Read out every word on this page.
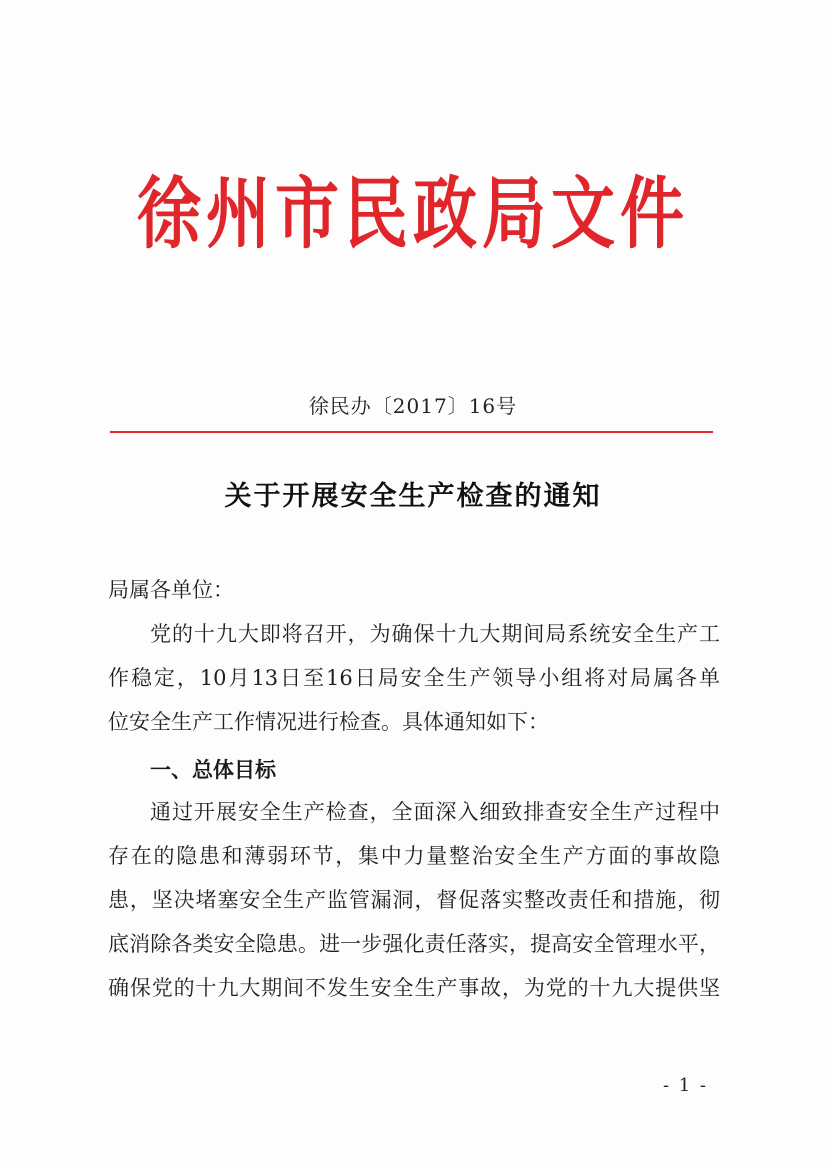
徐州市民政局文件
徐民办〔2017〕16号
关于开展安全生产检查的通知
局属各单位：
党的十九大即将召开，为确保十九大期间局系统安全生产工
作稳定，10月13日至16日局安全生产领导小组将对局属各单
位安全生产工作情况进行检查。具体通知如下：
一、总体目标
通过开展安全生产检查，全面深入细致排查安全生产过程中
存在的隐患和薄弱环节，集中力量整治安全生产方面的事故隐
患，坚决堵塞安全生产监管漏洞，督促落实整改责任和措施，彻
底消除各类安全隐患。进一步强化责任落实，提高安全管理水平，
确保党的十九大期间不发生安全生产事故，为党的十九大提供坚
- 1 -
